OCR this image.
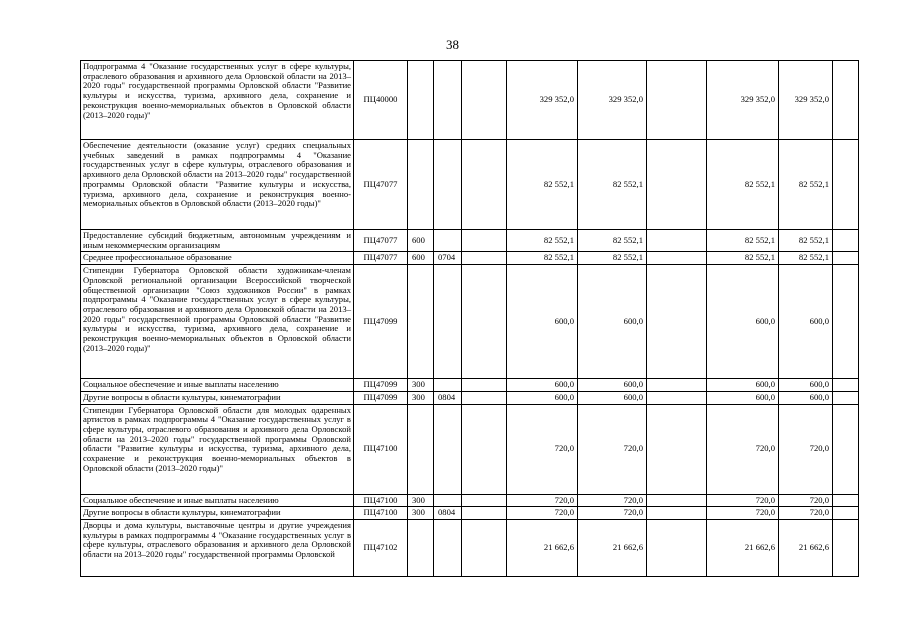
38
Подпрограмма 4 "Оказание государственных услуг в сфере культуры, отраслевого образования и архивного дела Орловской области на 2013–2020 годы" государственной программы Орловской области "Развитие культуры и искусства, туризма, архивного дела, сохранение и реконструкция военно-мемориальных объектов в Орловской области (2013–2020 годы)"	ПЦ40000				329 352,0	329 352,0		329 352,0	329 352,0	
Обеспечение деятельности (оказание услуг) средних специальных учебных заведений в рамках подпрограммы 4 "Оказание государственных услуг в сфере культуры, отраслевого образования и архивного дела Орловской области на 2013–2020 годы" государственной программы Орловской области "Развитие культуры и искусства, туризма, архивного дела, сохранение и реконструкция военно-мемориальных объектов в Орловской области (2013–2020 годы)"	ПЦ47077				82 552,1	82 552,1		82 552,1	82 552,1	
Предоставление субсидий бюджетным, автономным учреждениям и иным некоммерческим организациям	ПЦ47077	600			82 552,1	82 552,1		82 552,1	82 552,1	
Среднее профессиональное образование	ПЦ47077	600	0704		82 552,1	82 552,1		82 552,1	82 552,1	
Стипендии Губернатора Орловской области художникам-членам Орловской региональной организации Всероссийской творческой общественной организации "Союз художников России" в рамках подпрограммы 4 "Оказание государственных услуг в сфере культуры, отраслевого образования и архивного дела Орловской области на 2013–2020 годы" государственной программы Орловской области "Развитие культуры и искусства, туризма, архивного дела, сохранение и реконструкция военно-мемориальных объектов в Орловской области (2013–2020 годы)"	ПЦ47099				600,0	600,0		600,0	600,0	
Социальное обеспечение и иные выплаты населению	ПЦ47099	300			600,0	600,0		600,0	600,0	
Другие вопросы в области культуры, кинематографии	ПЦ47099	300	0804		600,0	600,0		600,0	600,0	
Стипендии Губернатора Орловской области для молодых одаренных артистов в рамках подпрограммы 4 "Оказание государственных услуг в сфере культуры, отраслевого образования и архивного дела Орловской области на 2013–2020 годы" государственной программы Орловской области "Развитие культуры и искусства, туризма, архивного дела, сохранение и реконструкция военно-мемориальных объектов в Орловской области (2013–2020 годы)"	ПЦ47100				720,0	720,0		720,0	720,0	
Социальное обеспечение и иные выплаты населению	ПЦ47100	300			720,0	720,0		720,0	720,0	
Другие вопросы в области культуры, кинематографии	ПЦ47100	300	0804		720,0	720,0		720,0	720,0	
Дворцы и дома культуры, выставочные центры и другие учреждения культуры в рамках подпрограммы 4 "Оказание государственных услуг в сфере культуры, отраслевого образования и архивного дела Орловской области на 2013–2020 годы" государственной программы Орловской	ПЦ47102				21 662,6	21 662,6		21 662,6	21 662,6	
